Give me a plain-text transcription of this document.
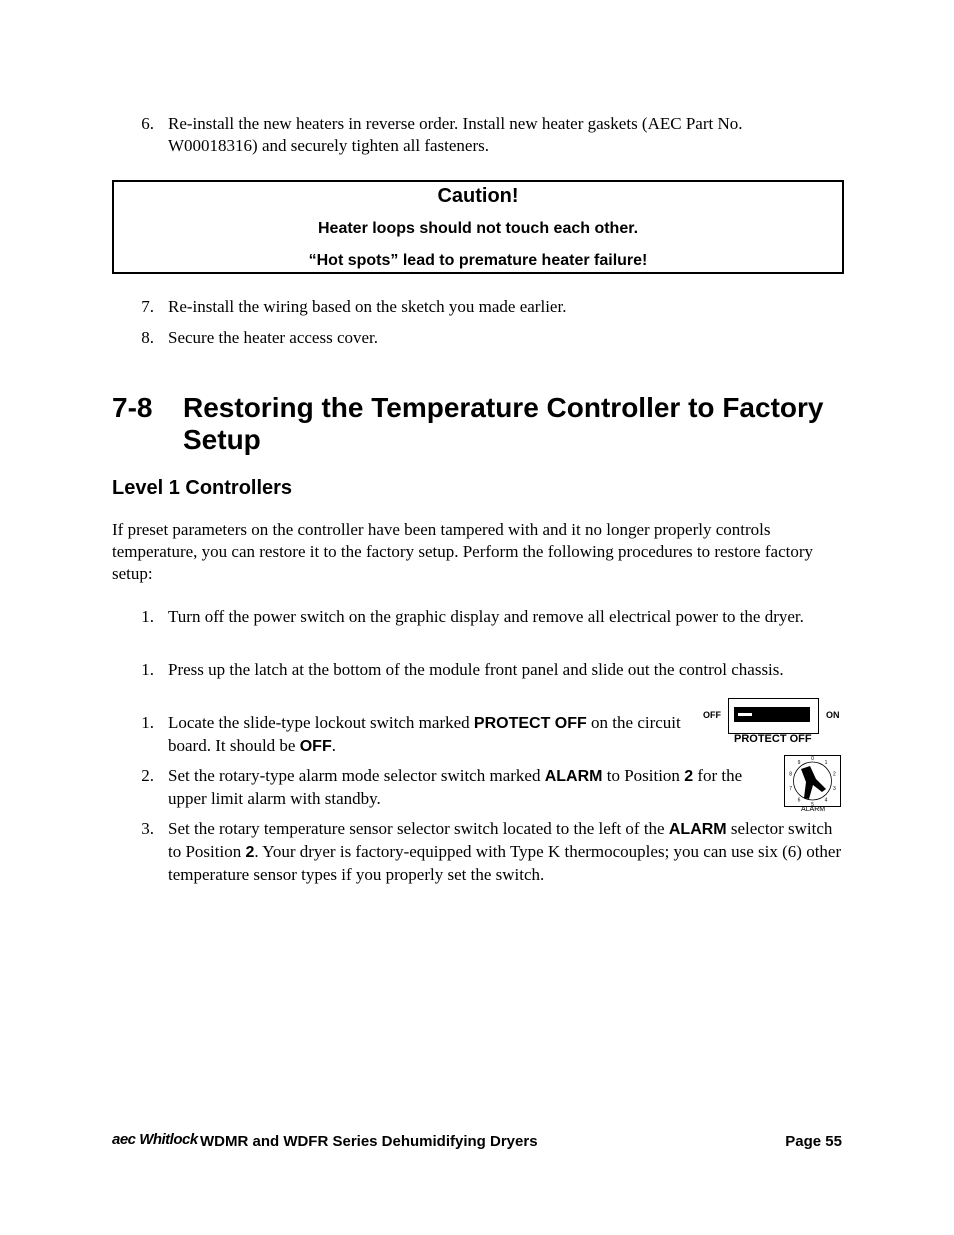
6. Re-install the new heaters in reverse order. Install new heater gaskets (AEC Part No. W00018316) and securely tighten all fasteners.
Caution!
Heater loops should not touch each other.
“Hot spots” lead to premature heater failure!
7. Re-install the wiring based on the sketch you made earlier.
8. Secure the heater access cover.
7-8 Restoring the Temperature Controller to Factory Setup
Level 1 Controllers
If preset parameters on the controller have been tampered with and it no longer properly controls temperature, you can restore it to the factory setup. Perform the following procedures to restore factory setup:
1. Turn off the power switch on the graphic display and remove all electrical power to the dryer.
1. Press up the latch at the bottom of the module front panel and slide out the control chassis.
1. Locate the slide-type lockout switch marked PROTECT OFF on the circuit board. It should be OFF.
2. Set the rotary-type alarm mode selector switch marked ALARM to Position 2 for the upper limit alarm with standby.
3. Set the rotary temperature sensor selector switch located to the left of the ALARM selector switch to Position 2. Your dryer is factory-equipped with Type K thermocouples; you can use six (6) other temperature sensor types if you properly set the switch.
OFF	ON
PROTECT OFF
0
1
2
3
4
5
6
7
8
9
ALARM
aec Whitlock WDMR and WDFR Series Dehumidifying Dryers	Page 55
